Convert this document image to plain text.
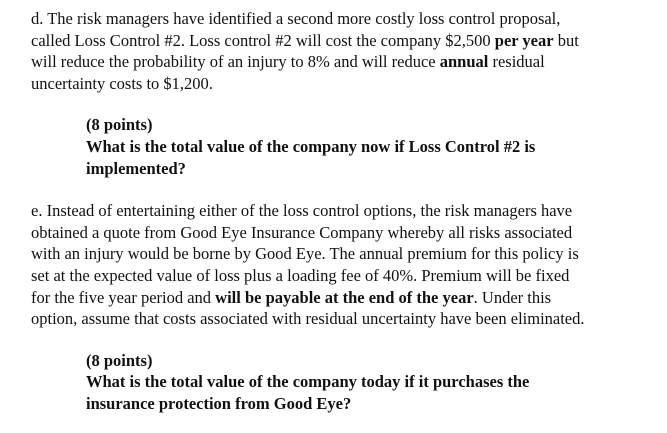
d. The risk managers have identified a second more costly loss control proposal,
called Loss Control #2. Loss control #2 will cost the company $2,500 per year but
will reduce the probability of an injury to 8% and will reduce annual residual
uncertainty costs to $1,200.

(8 points)
What is the total value of the company now if Loss Control #2 is
implemented?

e. Instead of entertaining either of the loss control options, the risk managers have
obtained a quote from Good Eye Insurance Company whereby all risks associated
with an injury would be borne by Good Eye. The annual premium for this policy is
set at the expected value of loss plus a loading fee of 40%. Premium will be fixed
for the five year period and will be payable at the end of the year. Under this
option, assume that costs associated with residual uncertainty have been eliminated.

(8 points)
What is the total value of the company today if it purchases the
insurance protection from Good Eye?
